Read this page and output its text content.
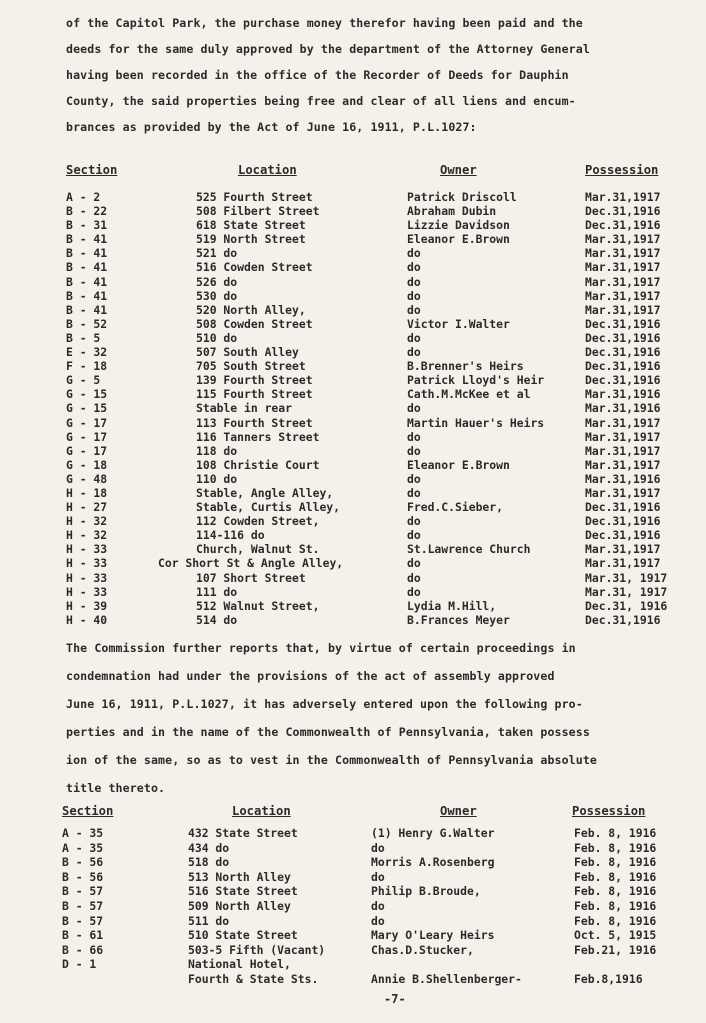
of the Capitol Park, the purchase money therefor having been paid and the
deeds for the same duly approved by the department of the Attorney General
having been recorded in the office of the Recorder of Deeds for Dauphin
County, the said properties being free and clear of all liens and encum-
brances as provided by the Act of June 16, 1911, P.L.1027:
Section	Location	Owner	Possession
A - 2	525 Fourth Street	Patrick Driscoll	Mar.31,1917
B - 22	508 Filbert Street	Abraham Dubin	Dec.31,1916
B - 31	618 State Street	Lizzie Davidson	Dec.31,1916
B - 41	519 North Street	Eleanor E.Brown	Mar.31,1917
B - 41	521 do	do	Mar.31,1917
B - 41	516 Cowden Street	do	Mar.31,1917
B - 41	526 do	do	Mar.31,1917
B - 41	530 do	do	Mar.31,1917
B - 41	520 North Alley,	do	Mar.31,1917
B - 52	508 Cowden Street	Victor I.Walter	Dec.31,1916
B - 5	510 do	do	Dec.31,1916
E - 32	507 South Alley	do	Dec.31,1916
F - 18	705 South Street	B.Brenner's Heirs	Dec.31,1916
G - 5	139 Fourth Street	Patrick Lloyd's Heir	Dec.31,1916
G - 15	115 Fourth Street	Cath.M.McKee et al	Mar.31,1916
G - 15	Stable in rear	do	Mar.31,1916
G - 17	113 Fourth Street	Martin Hauer's Heirs	Mar.31,1917
G - 17	116 Tanners Street	do	Mar.31,1917
G - 17	118 do	do	Mar.31,1917
G - 18	108 Christie Court	Eleanor E.Brown	Mar.31,1917
G - 48	110 do	do	Mar.31,1916
H - 18	Stable, Angle Alley,	do	Mar.31,1917
H - 27	Stable, Curtis Alley,	Fred.C.Sieber,	Dec.31,1916
H - 32	112 Cowden Street,	do	Dec.31,1916
H - 32	114-116 do	do	Dec.31,1916
H - 33	Church, Walnut St.	St.Lawrence Church	Mar.31,1917
H - 33	Cor Short St & Angle Alley,	do	Mar.31,1917
H - 33	107 Short Street	do	Mar.31, 1917
H - 33	111 do	do	Mar.31, 1917
H - 39	512 Walnut Street,	Lydia M.Hill,	Dec.31, 1916
H - 40	514 do	B.Frances Meyer	Dec.31,1916
The Commission further reports that, by virtue of certain proceedings in
condemnation had under the provisions of the act of assembly approved
June 16, 1911, P.L.1027, it has adversely entered upon the following pro-
perties and in the name of the Commonwealth of Pennsylvania, taken possess
ion of the same, so as to vest in the Commonwealth of Pennsylvania absolute
title thereto.
Section	Location	Owner	Possession
A - 35	432 State Street	(1) Henry G.Walter	Feb. 8, 1916
A - 35	434 do	do	Feb. 8, 1916
B - 56	518 do	Morris A.Rosenberg	Feb. 8, 1916
B - 56	513 North Alley	do	Feb. 8, 1916
B - 57	516 State Street	Philip B.Broude,	Feb. 8, 1916
B - 57	509 North Alley	do	Feb. 8, 1916
B - 57	511 do	do	Feb. 8, 1916
B - 61	510 State Street	Mary O'Leary Heirs	Oct. 5, 1915
B - 66	503-5 Fifth (Vacant)	Chas.D.Stucker,	Feb.21, 1916
D - 1	National Hotel,
Fourth & State Sts.	Annie B.Shellenberger-	Feb.8,1916
-7-
